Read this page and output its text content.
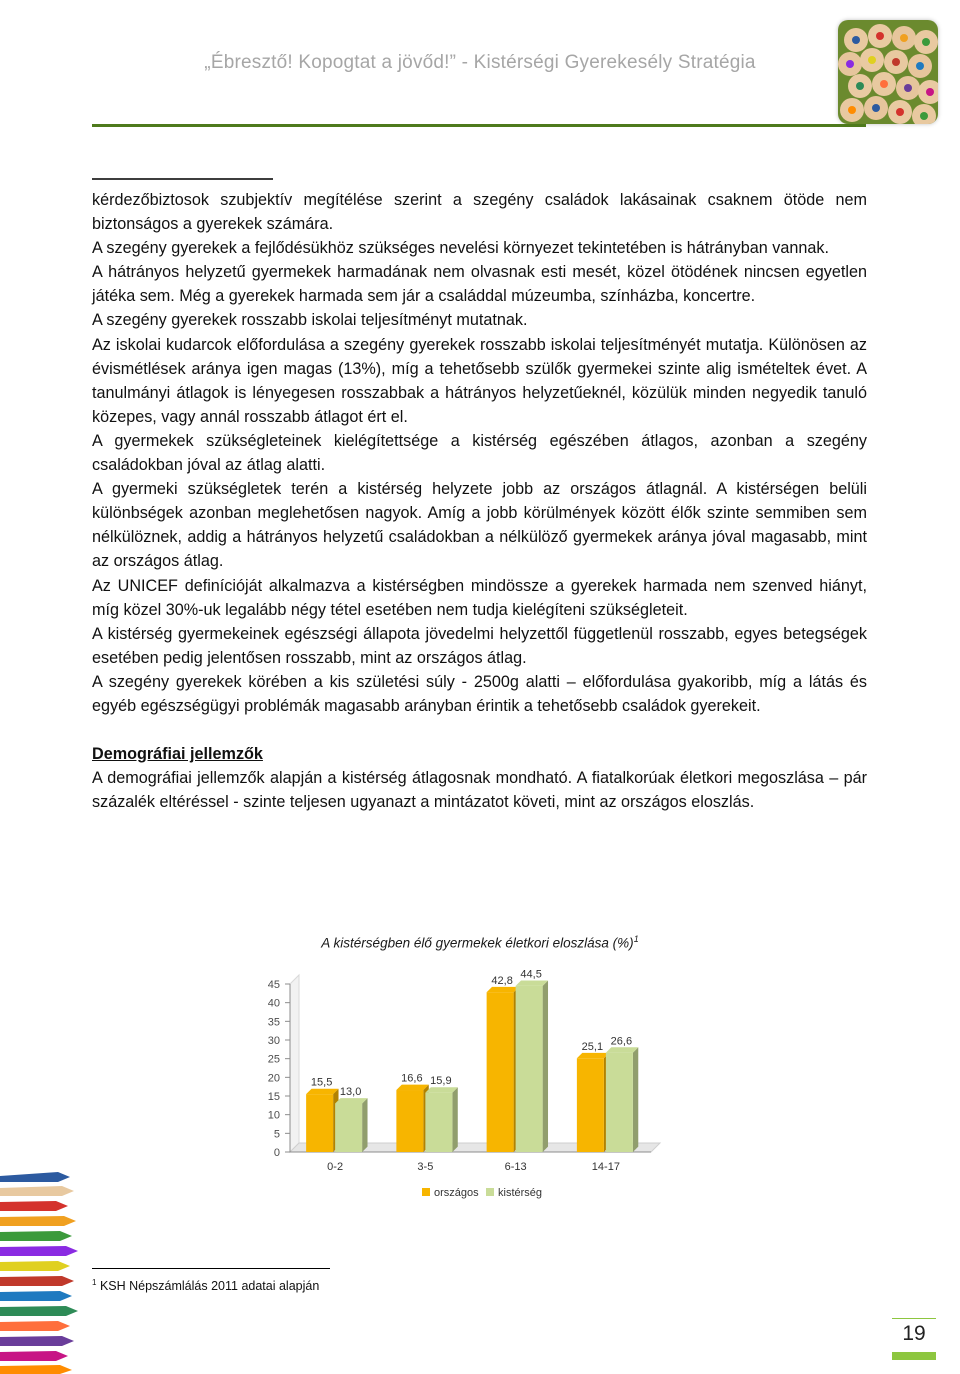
„Ébresztő! Kopogtat a jövőd!” - Kistérségi Gyerekesély Stratégia

kérdezőbiztosok szubjektív megítélése szerint a szegény családok lakásainak csaknem ötöde nem biztonságos a gyerekek számára.

A szegény gyerekek a fejlődésükhöz szükséges nevelési környezet tekintetében is hátrányban vannak.

A hátrányos helyzetű gyermekek harmadának nem olvasnak esti mesét, közel ötödének nincsen egyetlen játéka sem. Még a gyerekek harmada sem jár a családdal múzeumba, színházba, koncertre.

A szegény gyerekek rosszabb iskolai teljesítményt mutatnak.

Az iskolai kudarcok előfordulása a szegény gyerekek rosszabb iskolai teljesítményét mutatja. Különösen az évismétlések aránya igen magas (13%), míg a tehetősebb szülők gyermekei szinte alig ismételtek évet. A tanulmányi átlagok is lényegesen rosszabbak a hátrányos helyzetűeknél, közülük minden negyedik tanuló közepes, vagy annál rosszabb átlagot ért el.

A gyermekek szükségleteinek kielégítettsége a kistérség egészében átlagos, azonban a szegény családokban jóval az átlag alatti.

A gyermeki szükségletek terén a kistérség helyzete jobb az országos átlagnál. A kistérségen belüli különbségek azonban meglehetősen nagyok. Amíg a jobb körülmények között élők szinte semmiben sem nélkülöznek, addig a hátrányos helyzetű családokban a nélkülöző gyermekek aránya jóval magasabb, mint az országos átlag.

Az UNICEF definícióját alkalmazva a kistérségben mindössze a gyerekek harmada nem szenved hiányt, míg közel 30%-uk legalább négy tétel esetében nem tudja kielégíteni szükségleteit.

A kistérség gyermekeinek egészségi állapota jövedelmi helyzettől függetlenül rosszabb, egyes betegségek esetében pedig jelentősen rosszabb, mint az országos átlag.

A szegény gyerekek körében a kis születési súly - 2500g alatti – előfordulása gyakoribb, míg a látás és egyéb egészségügyi problémák magasabb arányban érintik a tehetősebb családok gyerekeit.

Demográfiai jellemzők

A demográfiai jellemzők alapján a kistérség átlagosnak mondható. A fiatalkorúak életkori megoszlása – pár százalék eltéréssel - szinte teljesen ugyanazt a mintázatot követi, mint az országos eloszlás.

A kistérségben élő gyermekek életkori eloszlása (%)$^1$
0
5
10
15
20
25
30
35
40
45
15,5
13,0
0-2
16,6 15,9
3-5
42,8
44,5
6-13
25,1 26,6
14-17
országos kistérség
$^1$ KSH Népszámlálás 2011 adatai alapján
19
